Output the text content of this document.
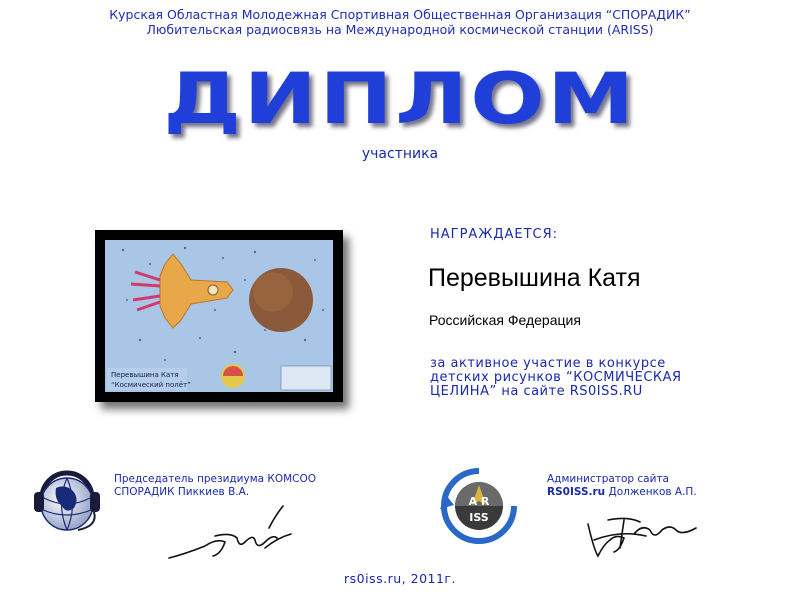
Курская Областная Молодежная Спортивная Общественная Организация “СПОРАДИК”
Любительская радиосвязь на Международной космической станции (ARISS)
ДИПЛОМ
участника
Перевышина Катя
“Космический полёт”
НАГРАЖДАЕТСЯ:
Перевышина Катя
Российская Федерация
за активное участие в конкурсе
детских рисунков “КОСМИЧЕСКАЯ
ЦЕЛИНА” на сайте RS0ISS.RU
Председатель президиума КОМСОО
СПОРАДИК Пиккиев В.А.
A R
ISS
Администратор сайта
RS0ISS.ru Долженков А.П.
rs0iss.ru, 2011г.
